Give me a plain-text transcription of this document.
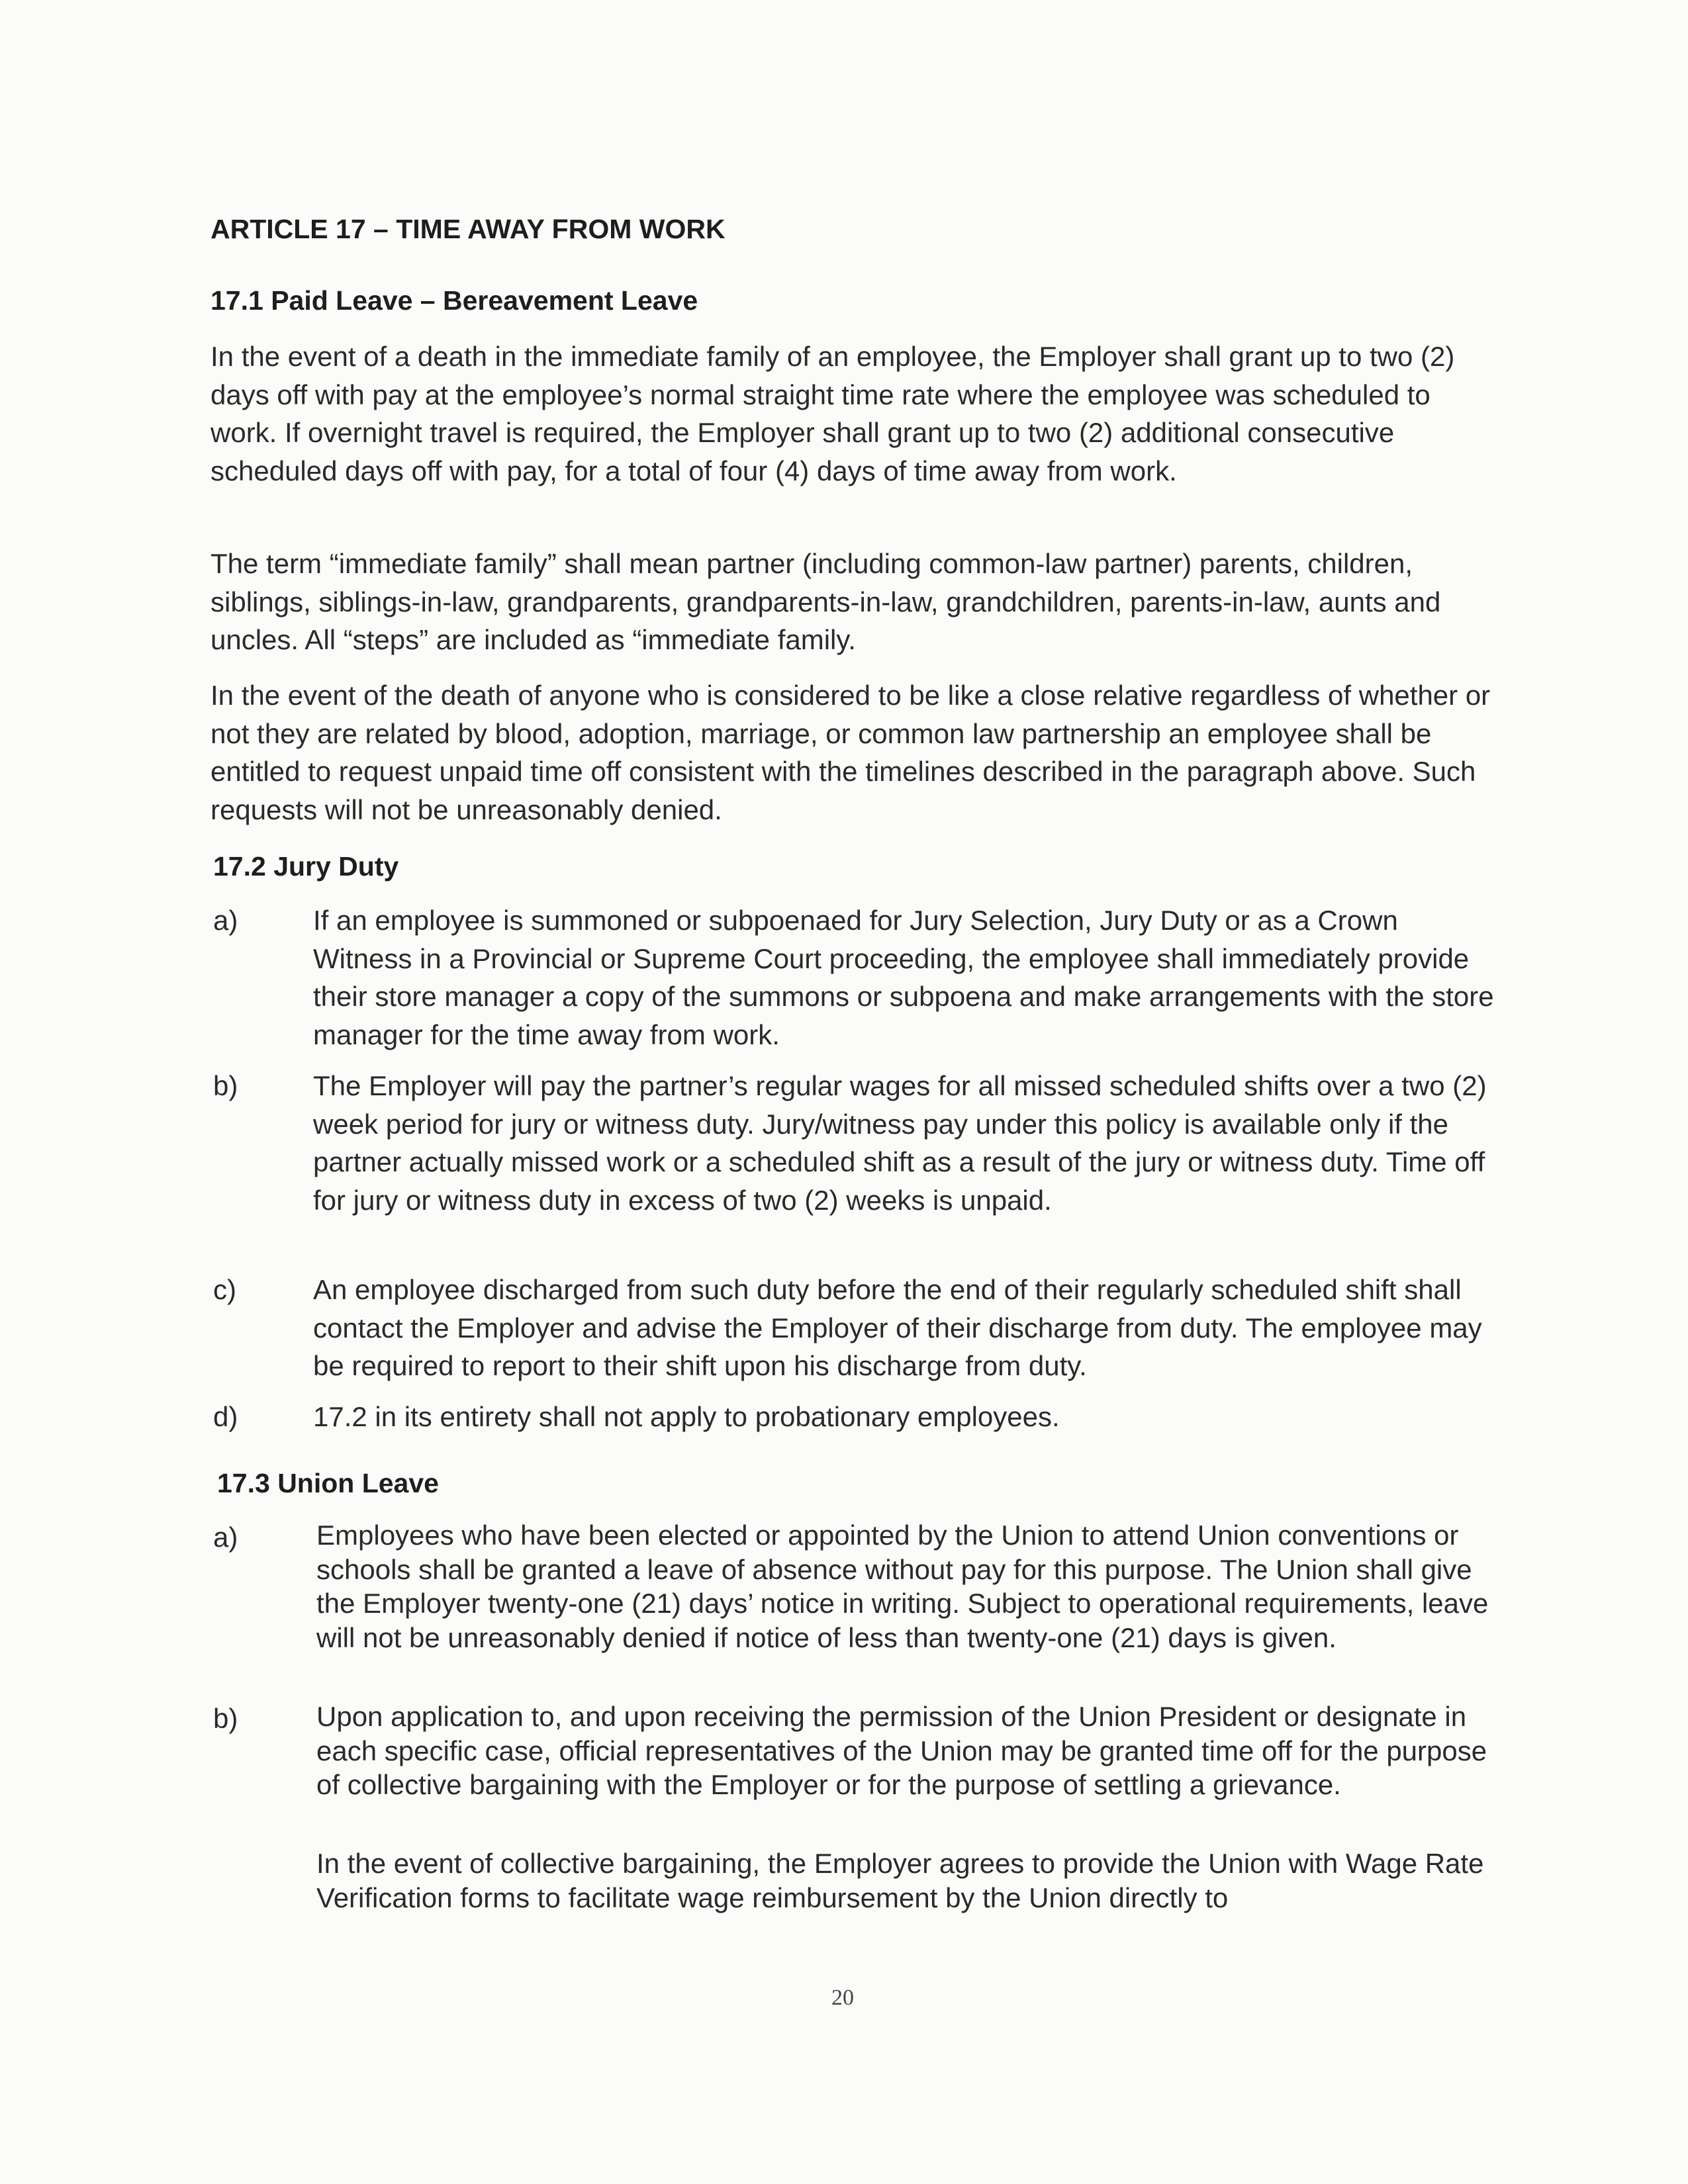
ARTICLE 17 – TIME AWAY FROM WORK
17.1 Paid Leave – Bereavement Leave
In the event of a death in the immediate family of an employee, the Employer shall grant up to two (2) days off with pay at the employee’s normal straight time rate where the employee was scheduled to work. If overnight travel is required, the Employer shall grant up to two (2) additional consecutive scheduled days off with pay, for a total of four (4) days of time away from work.
The term “immediate family” shall mean partner (including common-law partner) parents, children, siblings, siblings-in-law, grandparents, grandparents-in-law, grandchildren, parents-in-law, aunts and uncles. All “steps” are included as “immediate family.
In the event of the death of anyone who is considered to be like a close relative regardless of whether or not they are related by blood, adoption, marriage, or common law partnership an employee shall be entitled to request unpaid time off consistent with the timelines described in the paragraph above. Such requests will not be unreasonably denied.
17.2 Jury Duty
a)	If an employee is summoned or subpoenaed for Jury Selection, Jury Duty or as a Crown Witness in a Provincial or Supreme Court proceeding, the employee shall immediately provide their store manager a copy of the summons or subpoena and make arrangements with the store manager for the time away from work.
b)	The Employer will pay the partner’s regular wages for all missed scheduled shifts over a two (2) week period for jury or witness duty. Jury/witness pay under this policy is available only if the partner actually missed work or a scheduled shift as a result of the jury or witness duty. Time off for jury or witness duty in excess of two (2) weeks is unpaid.
c)	An employee discharged from such duty before the end of their regularly scheduled shift shall contact the Employer and advise the Employer of their discharge from duty. The employee may be required to report to their shift upon his discharge from duty.
d)	17.2 in its entirety shall not apply to probationary employees.
17.3 Union Leave
a)	Employees who have been elected or appointed by the Union to attend Union conventions or schools shall be granted a leave of absence without pay for this purpose. The Union shall give the Employer twenty-one (21) days’ notice in writing. Subject to operational requirements, leave will not be unreasonably denied if notice of less than twenty-one (21) days is given.
b)	Upon application to, and upon receiving the permission of the Union President or designate in each specific case, official representatives of the Union may be granted time off for the purpose of collective bargaining with the Employer or for the purpose of settling a grievance.
In the event of collective bargaining, the Employer agrees to provide the Union with Wage Rate Verification forms to facilitate wage reimbursement by the Union directly to
20
